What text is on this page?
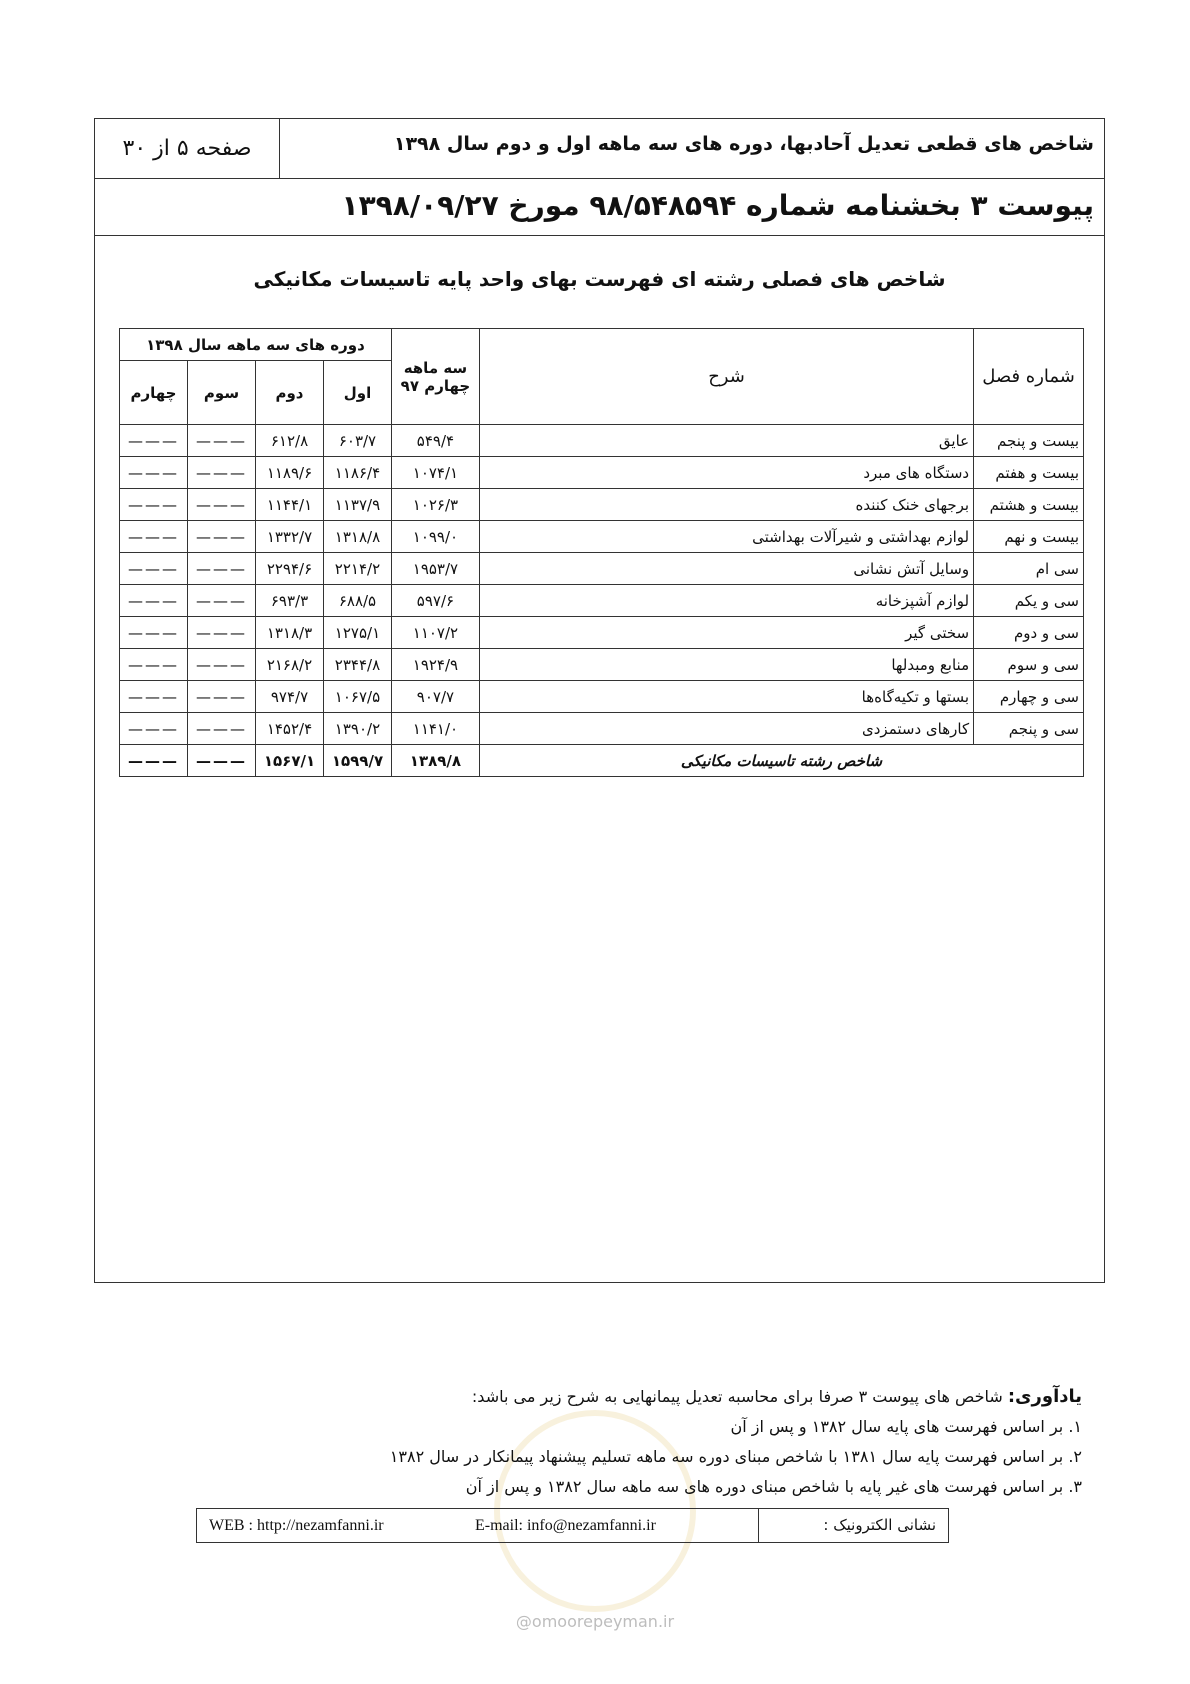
شاخص های قطعی تعدیل آحادبها، دوره های سه ماهه اول و دوم سال ۱۳۹۸
صفحه ۵ از ۳۰
پیوست ۳ بخشنامه شماره ۹۸/۵۴۸۵۹۴ مورخ ۱۳۹۸/۰۹/۲۷
شاخص های فصلی رشته ای فهرست بهای واحد پایه تاسیسات مکانیکی
شماره فصل	شرح	سه ماهه چهارم ۹۷	دوره های سه ماهه سال ۱۳۹۸			
			اول	دوم	سوم	چهارم
بیست و پنجم	عایق	۵۴۹/۴	۶۰۳/۷	۶۱۲/۸	———	———
بیست و هفتم	دستگاه های مبرد	۱۰۷۴/۱	۱۱۸۶/۴	۱۱۸۹/۶	———	———
بیست و هشتم	برجهای خنک کننده	۱۰۲۶/۳	۱۱۳۷/۹	۱۱۴۴/۱	———	———
بیست و نهم	لوازم بهداشتی و شیرآلات بهداشتی	۱۰۹۹/۰	۱۳۱۸/۸	۱۳۳۲/۷	———	———
سی ام	وسایل آتش نشانی	۱۹۵۳/۷	۲۲۱۴/۲	۲۲۹۴/۶	———	———
سی و یکم	لوازم آشپزخانه	۵۹۷/۶	۶۸۸/۵	۶۹۳/۳	———	———
سی و دوم	سختی گیر	۱۱۰۷/۲	۱۲۷۵/۱	۱۳۱۸/۳	———	———
سی و سوم	منابع ومبدلها	۱۹۲۴/۹	۲۳۴۴/۸	۲۱۶۸/۲	———	———
سی و چهارم	بستها و تکیه‌گاه‌ها	۹۰۷/۷	۱۰۶۷/۵	۹۷۴/۷	———	———
سی و پنجم	کارهای دستمزدی	۱۱۴۱/۰	۱۳۹۰/۲	۱۴۵۲/۴	———	———
شاخص رشته تاسیسات مکانیکی		۱۳۸۹/۸	۱۵۹۹/۷	۱۵۶۷/۱	———	———
یادآوری: شاخص های پیوست ۳ صرفا برای محاسبه تعدیل پیمانهایی به شرح زیر می باشد:
۱. بر اساس فهرست های پایه سال ۱۳۸۲ و پس از آن
۲. بر اساس فهرست پایه سال ۱۳۸۱ با شاخص مبنای دوره سه ماهه تسلیم پیشنهاد پیمانکار در سال ۱۳۸۲
۳. بر اساس فهرست های غیر پایه با شاخص مبنای دوره های سه ماهه سال ۱۳۸۲ و پس از آن
نشانی الکترونیک :
E-mail: info@nezamfanni.ir
WEB : http://nezamfanni.ir
@omoorepeyman.ir
